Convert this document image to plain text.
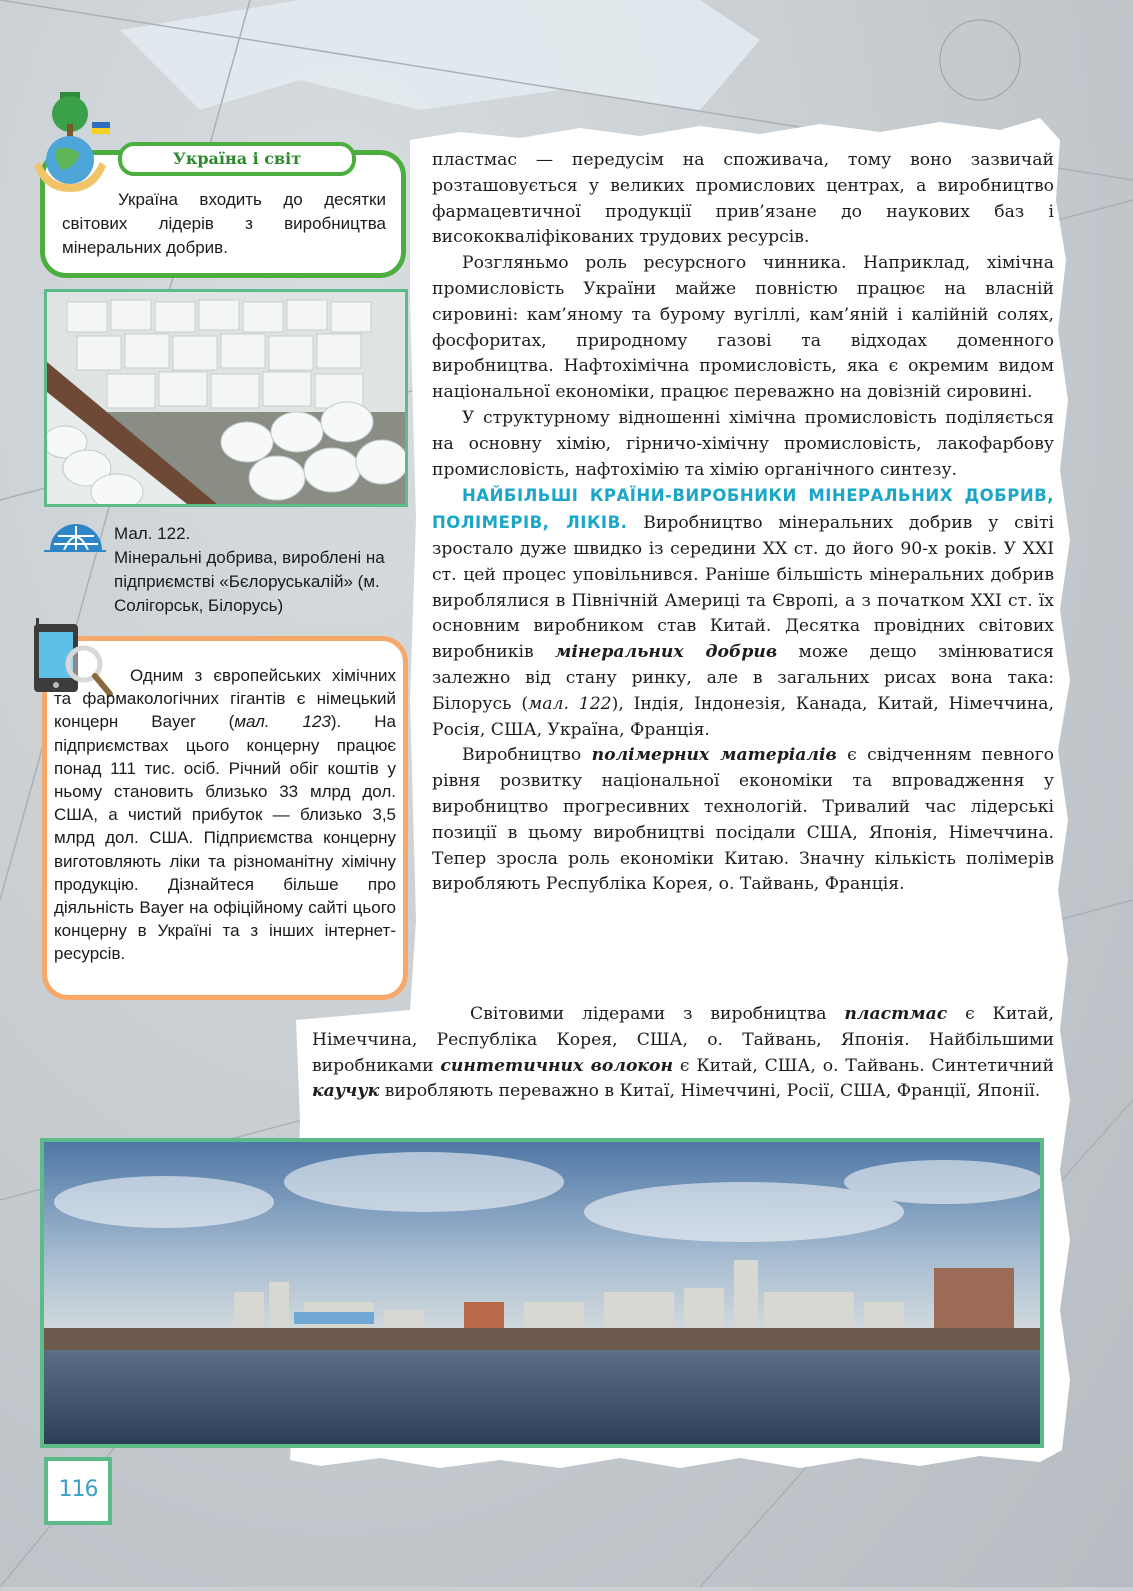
Україна і світ

Україна входить до десятки світових лідерів з виробництва мінеральних добрив.

Мал. 122.
Мінеральні добрива, вироблені на підприємстві «Бєлоруськалій» (м. Солігорськ, Білорусь)

Одним з європейських хімічних та фармакологічних гігантів є німецький концерн Bayer (мал. 123). На підприємствах цього концерну працює понад 111 тис. осіб. Річний обіг коштів у ньому становить близько 33 млрд дол. США, а чистий прибуток — близько 3,5 млрд дол. США. Підприємства концерну виготовляють ліки та різноманітну хімічну продукцію. Дізнайтеся більше про діяльність Bayer на офіційному сайті цього концерну в Україні та з інших інтернет-ресурсів.

пластмас — передусім на споживача, тому воно зазвичай розташовується у великих промислових центрах, а виробництво фармацевтичної продукції прив’язане до наукових баз і висококваліфікованих трудових ресурсів.

Розгляньмо роль ресурсного чинника. Наприклад, хімічна промисловість України майже повністю працює на власній сировині: кам’яному та бурому вугіллі, кам’яній і калійній солях, фосфоритах, природному газові та відходах доменного виробництва. Нафтохімічна промисловість, яка є окремим видом національної економіки, працює переважно на довізній сировині.

У структурному відношенні хімічна промисловість поділяється на основну хімію, гірничо-хімічну промисловість, лакофарбову промисловість, нафтохімію та хімію органічного синтезу.

НАЙБІЛЬШІ КРАЇНИ-ВИРОБНИКИ МІНЕРАЛЬНИХ ДОБРИВ, ПОЛІМЕРІВ, ЛІКІВ. Виробництво мінеральних добрив у світі зростало дуже швидко із середини XX ст. до його 90-х років. У XXI ст. цей процес уповільнився. Раніше більшість мінеральних добрив вироблялися в Північній Америці та Європі, а з початком XXI ст. їх основним виробником став Китай. Десятка провідних світових виробників мінеральних добрив може дещо змінюватися залежно від стану ринку, але в загальних рисах вона така: Білорусь (мал. 122), Індія, Індонезія, Канада, Китай, Німеччина, Росія, США, Україна, Франція.

Виробництво полімерних матеріалів є свідченням певного рівня розвитку національної економіки та впровадження у виробництво прогресивних технологій. Тривалий час лідерські позиції в цьому виробництві посідали США, Японія, Німеччина. Тепер зросла роль економіки Китаю. Значну кількість полімерів виробляють Республіка Корея, о. Тайвань, Франція.

Світовими лідерами з виробництва пластмас є Китай, Німеччина, Республіка Корея, США, о. Тайвань, Японія. Найбільшими виробниками синтетичних волокон є Китай, США, о. Тайвань. Синтетичний каучук виробляють переважно в Китаї, Німеччині, Росії, США, Франції, Японії.

116
